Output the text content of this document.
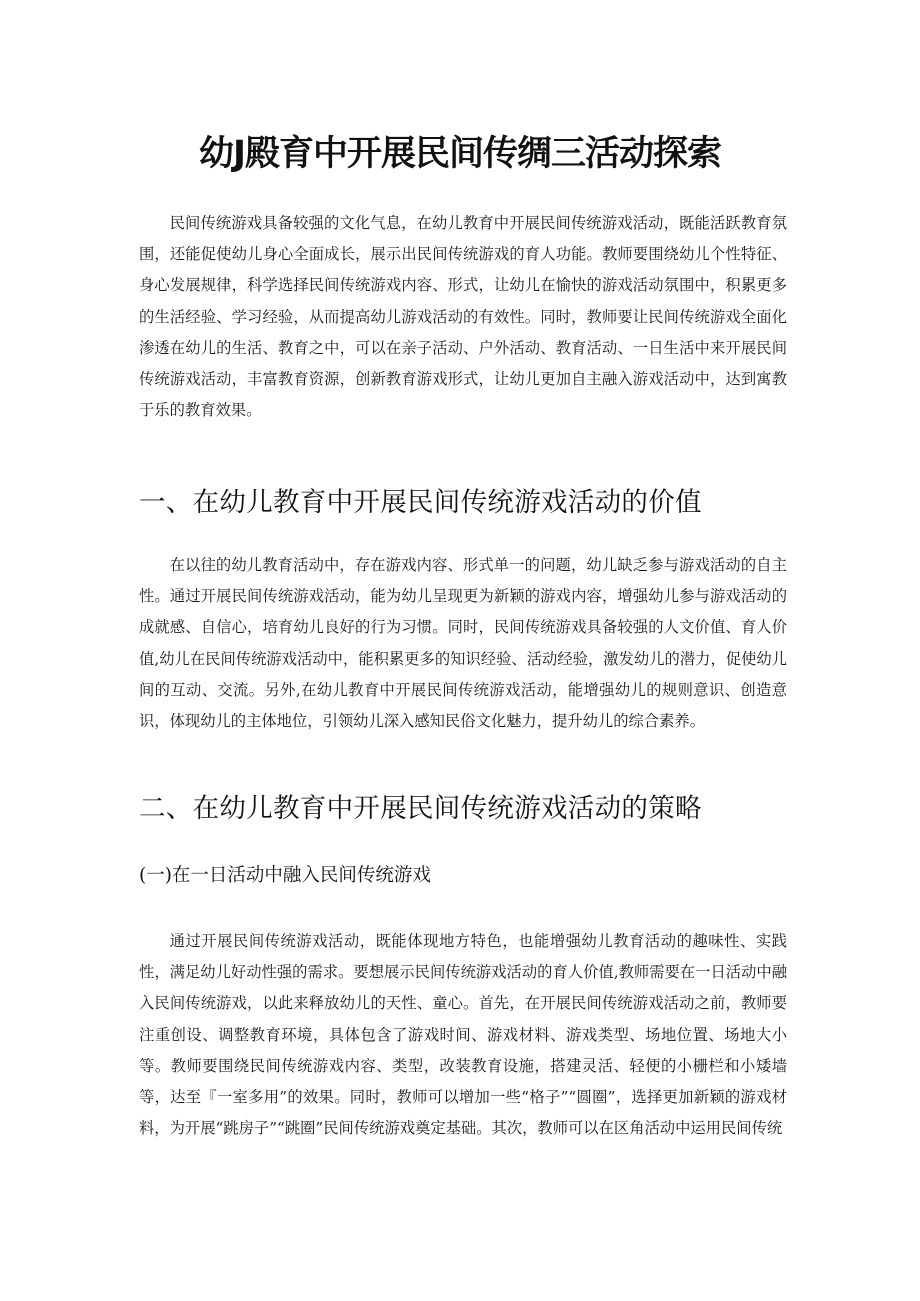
幼J殿育中开展民间传绸三活动探索

民间传统游戏具备较强的文化气息，在幼儿教育中开展民间传统游戏活动，既能活跃教育氛围，还能促使幼儿身心全面成长，展示出民间传统游戏的育人功能。教师要围绕幼儿个性特征、身心发展规律，科学选择民间传统游戏内容、形式，让幼儿在愉快的游戏活动氛围中，积累更多的生活经验、学习经验，从而提高幼儿游戏活动的有效性。同时，教师要让民间传统游戏全面化渗透在幼儿的生活、教育之中，可以在亲子活动、户外活动、教育活动、一日生活中来开展民间传统游戏活动，丰富教育资源，创新教育游戏形式，让幼儿更加自主融入游戏活动中，达到寓教于乐的教育效果。

一、在幼儿教育中开展民间传统游戏活动的价值

在以往的幼儿教育活动中，存在游戏内容、形式单一的问题，幼儿缺乏参与游戏活动的自主性。通过开展民间传统游戏活动，能为幼儿呈现更为新颖的游戏内容，增强幼儿参与游戏活动的成就感、自信心，培育幼儿良好的行为习惯。同时，民间传统游戏具备较强的人文价值、育人价值,幼儿在民间传统游戏活动中，能积累更多的知识经验、活动经验，激发幼儿的潜力，促使幼儿间的互动、交流。另外,在幼儿教育中开展民间传统游戏活动，能增强幼儿的规则意识、创造意识，体现幼儿的主体地位，引领幼儿深入感知民俗文化魅力，提升幼儿的综合素养。

二、在幼儿教育中开展民间传统游戏活动的策略
(一)在一日活动中融入民间传统游戏

通过开展民间传统游戏活动，既能体现地方特色，也能增强幼儿教育活动的趣味性、实践性，满足幼儿好动性强的需求。要想展示民间传统游戏活动的育人价值,教师需要在一日活动中融入民间传统游戏，以此来释放幼儿的天性、童心。首先，在开展民间传统游戏活动之前，教师要注重创设、调整教育环境，具体包含了游戏时间、游戏材料、游戏类型、场地位置、场地大小等。教师要围绕民间传统游戏内容、类型，改装教育设施，搭建灵活、轻便的小栅栏和小矮墙等，达至『一室多用”的效果。同时，教师可以增加一些“格子”“圆圈”，选择更加新颖的游戏材料，为开展“跳房子”“跳圈”民间传统游戏奠定基础。其次，教师可以在区角活动中运用民间传统
